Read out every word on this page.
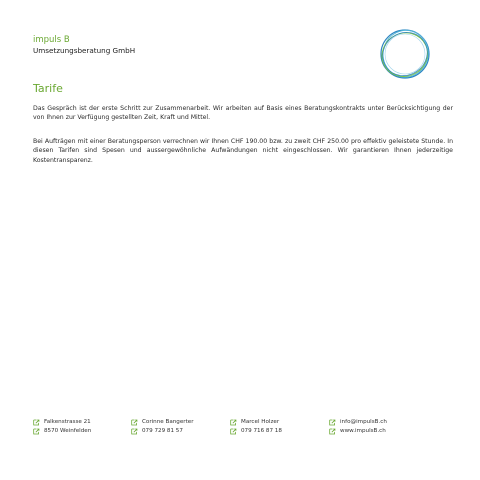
impuls B
Umsetzungsberatung GmbH
Tarife

Das Gespräch ist der erste Schritt zur Zusammenarbeit. Wir arbeiten auf Basis eines Beratungskontrakts unter Berücksichtigung der von Ihnen zur Verfügung gestellten Zeit, Kraft und Mittel.

Bei Aufträgen mit einer Beratungsperson verrechnen wir Ihnen CHF 190.00 bzw. zu zweit CHF 250.00 pro effektiv geleistete Stunde. In diesen Tarifen sind Spesen und aussergewöhnliche Aufwändungen nicht eingeschlossen. Wir garantieren Ihnen jederzeitige Kostentransparenz.

Falkenstrasse 21
8570 Weinfelden
Corinne Bangerter
079 729 81 57
Marcel Holzer
079 716 87 18
info@impulsB.ch
www.impulsB.ch
